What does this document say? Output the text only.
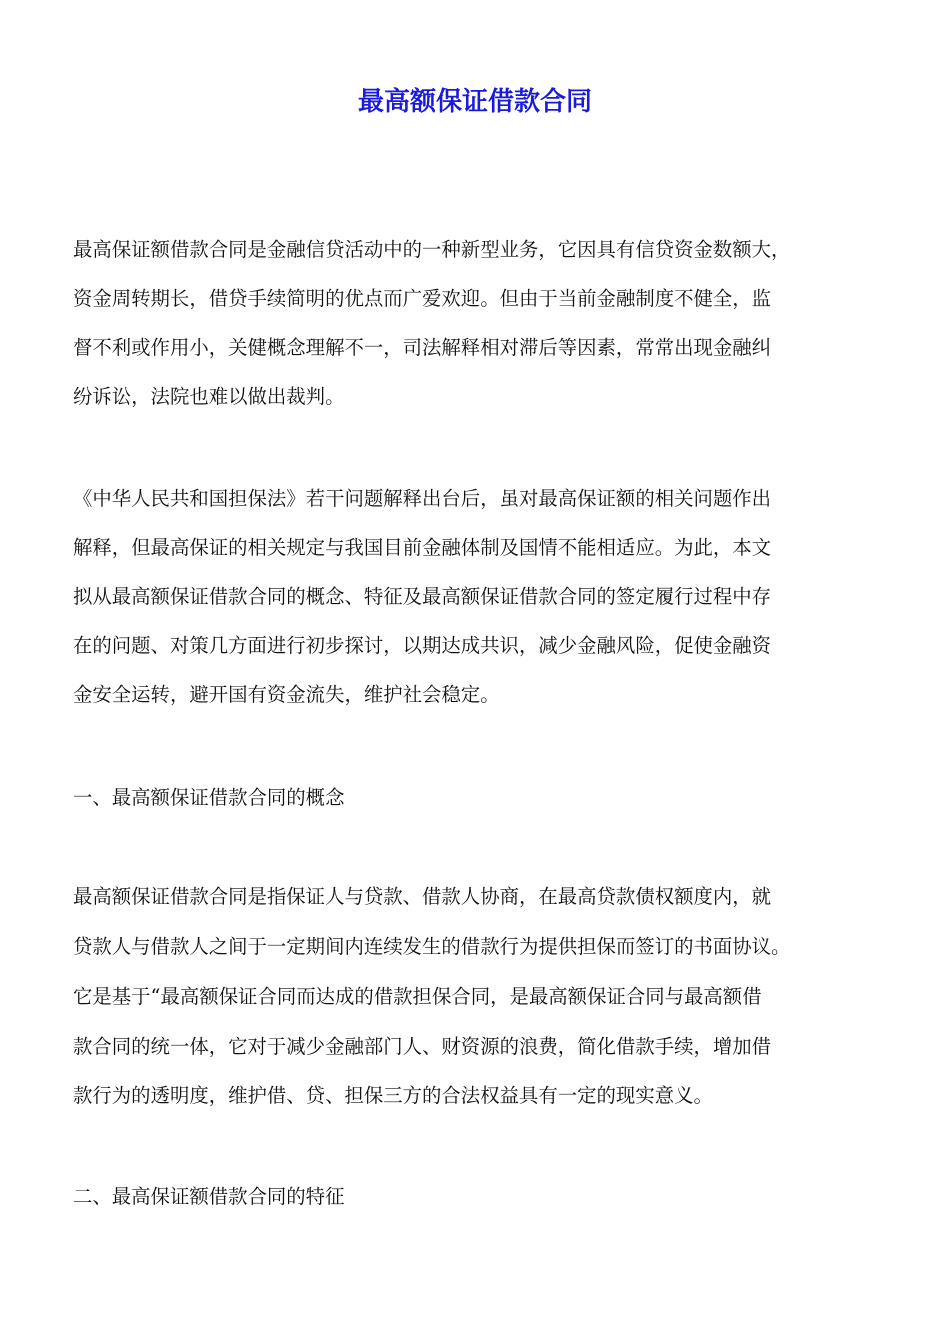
最高额保证借款合同

最高保证额借款合同是金融信贷活动中的一种新型业务，它因具有信贷资金数额大，

资金周转期长，借贷手续简明的优点而广爱欢迎。但由于当前金融制度不健全，监

督不利或作用小，关健概念理解不一，司法解释相对滞后等因素，常常出现金融纠

纷诉讼，法院也难以做出裁判。

《中华人民共和国担保法》若干问题解释出台后，虽对最高保证额的相关问题作出

解释，但最高保证的相关规定与我国目前金融体制及国情不能相适应。为此，本文

拟从最高额保证借款合同的概念、特征及最高额保证借款合同的签定履行过程中存

在的问题、对策几方面进行初步探讨，以期达成共识，减少金融风险，促使金融资

金安全运转，避开国有资金流失，维护社会稳定。

一、最高额保证借款合同的概念

最高额保证借款合同是指保证人与贷款、借款人协商，在最高贷款债权额度内，就

贷款人与借款人之间于一定期间内连续发生的借款行为提供担保而签订的书面协议。

它是基于“最高额保证合同而达成的借款担保合同，是最高额保证合同与最高额借

款合同的统一体，它对于减少金融部门人、财资源的浪费，简化借款手续，增加借

款行为的透明度，维护借、贷、担保三方的合法权益具有一定的现实意义。

二、最高保证额借款合同的特征
